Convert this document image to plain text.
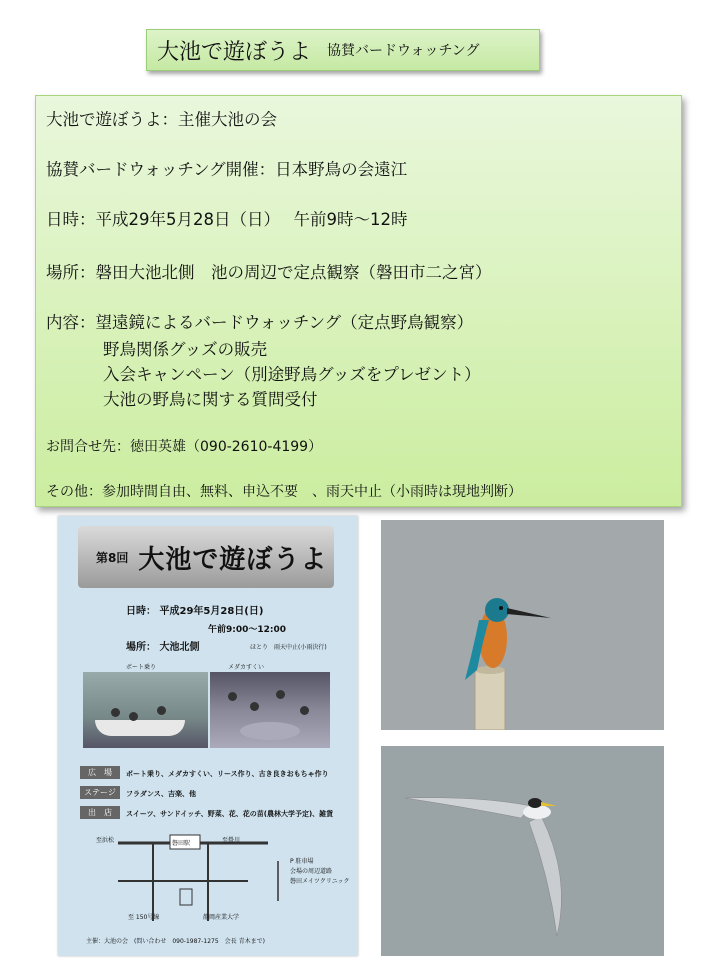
大池で遊ぼうよ 協賛バードウォッチング
大池で遊ぼうよ：主催大池の会
協賛バードウォッチング開催：日本野鳥の会遠江
日時：平成29年5月28日（日）　 午前9時～12時
場所：磐田大池北側　池の周辺で定点観察（磐田市二之宮）
内容：望遠鏡によるバードウォッチング（定点野鳥観察）
野鳥関係グッズの販売
入会キャンペーン（別途野鳥グッズをプレゼント）
大池の野鳥に関する質問受付
お問合せ先：徳田英雄（090-2610-4199）
その他：参加時間自由、無料、申込不要　、雨天中止（小雨時は現地判断）
第8回 大池で遊ぼうよ
日時： 平成29年5月28日(日)
午前9:00〜12:00
場所： 大池北側	ほとり　雨天中止(小雨決行)
ボート乗り	メダカすくい
広　場	ボート乗り、メダカすくい、リース作り、古き良きおもちゃ作り
ステージ	フラダンス、吉楽、他
出　店	スイーツ、サンドイッチ、野菜、花、花の苗(農林大学予定)、雑貨
至浜松	至掛川
磐田駅
至 150号線	静岡産業大学
P 駐車場
会場の周辺道路
磐田メイツクリニック
主催：大池の会　(問い合わせ　090-1987-1275　会長 青木まで)
